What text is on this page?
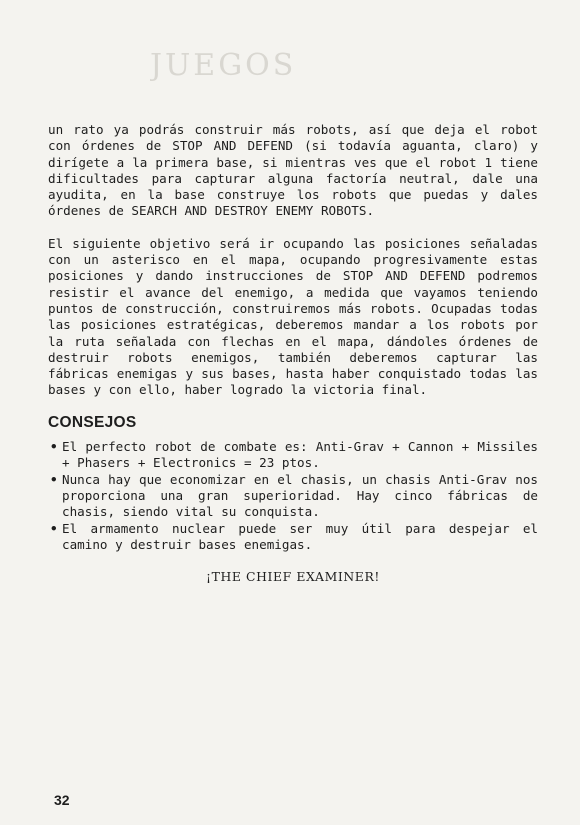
JUEGOS

un rato ya podrás construir más robots, así que deja el robot con órdenes de STOP AND DEFEND (si todavía aguanta, claro) y dirígete a la primera base, si mientras ves que el robot 1 tiene dificultades para capturar alguna factoría neutral, dale una ayudita, en la base construye los robots que puedas y dales órdenes de SEARCH AND DESTROY ENEMY ROBOTS.

El siguiente objetivo será ir ocupando las posiciones señaladas con un asterisco en el mapa, ocupando progresivamente estas posiciones y dando instrucciones de STOP AND DEFEND podremos resistir el avance del enemigo, a medida que vayamos teniendo puntos de construcción, construiremos más robots. Ocupadas todas las posiciones estratégicas, deberemos mandar a los robots por la ruta señalada con flechas en el mapa, dándoles órdenes de destruir robots enemigos, también deberemos capturar las fábricas enemigas y sus bases, hasta haber conquistado todas las bases y con ello, haber logrado la victoria final.

CONSEJOS
• El perfecto robot de combate es: Anti-Grav + Cannon + Missiles + Phasers + Electronics = 23 ptos.
• Nunca hay que economizar en el chasis, un chasis Anti-Grav nos proporciona una gran superioridad. Hay cinco fábricas de chasis, siendo vital su conquista.
• El armamento nuclear puede ser muy útil para despejar el camino y destruir bases enemigas.

¡THE CHIEF EXAMINER!

32
